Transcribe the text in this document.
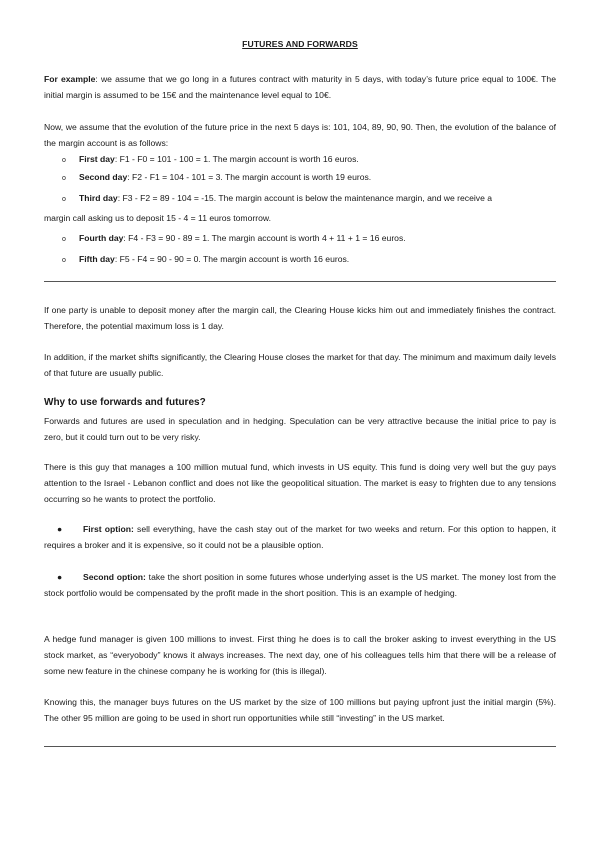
FUTURES AND FORWARDS
For example: we assume that we go long in a futures contract with maturity in 5 days, with today’s future price equal to 100€. The initial margin is assumed to be 15€ and the maintenance level equal to 10€.
Now, we assume that the evolution of the future price in the next 5 days is: 101, 104, 89, 90, 90. Then, the evolution of the balance of the margin account is as follows:
o First day: F1 - F0 = 101 - 100 = 1. The margin account is worth 16 euros.
o Second day: F2 - F1 = 104 - 101 = 3. The margin account is worth 19 euros.
o Third day: F3 - F2 = 89 - 104 = -15. The margin account is below the maintenance margin, and we receive a
margin call asking us to deposit 15 - 4 = 11 euros tomorrow.
o Fourth day: F4 - F3 = 90 - 89 = 1. The margin account is worth 4 + 11 + 1 = 16 euros.
o Fifth day: F5 - F4 = 90 - 90 = 0. The margin account is worth 16 euros.
If one party is unable to deposit money after the margin call, the Clearing House kicks him out and immediately finishes the contract. Therefore, the potential maximum loss is 1 day.
In addition, if the market shifts significantly, the Clearing House closes the market for that day. The minimum and maximum daily levels of that future are usually public.
Why to use forwards and futures?
Forwards and futures are used in speculation and in hedging. Speculation can be very attractive because the initial price to pay is zero, but it could turn out to be very risky.
There is this guy that manages a 100 million mutual fund, which invests in US equity. This fund is doing very well but the guy pays attention to the Israel - Lebanon conflict and does not like the geopolitical situation. The market is easy to frighten due to any tensions occurring so he wants to protect the portfolio.
● First option: sell everything, have the cash stay out of the market for two weeks and return. For this option to happen, it requires a broker and it is expensive, so it could not be a plausible option.
● Second option: take the short position in some futures whose underlying asset is the US market. The money lost from the stock portfolio would be compensated by the profit made in the short position. This is an example of hedging.
A hedge fund manager is given 100 millions to invest. First thing he does is to call the broker asking to invest everything in the US stock market, as “everyobody” knows it always increases. The next day, one of his colleagues tells him that there will be a release of some new feature in the chinese company he is working for (this is illegal).
Knowing this, the manager buys futures on the US market by the size of 100 millions but paying upfront just the initial margin (5%). The other 95 million are going to be used in short run opportunities while still “investing” in the US market.
